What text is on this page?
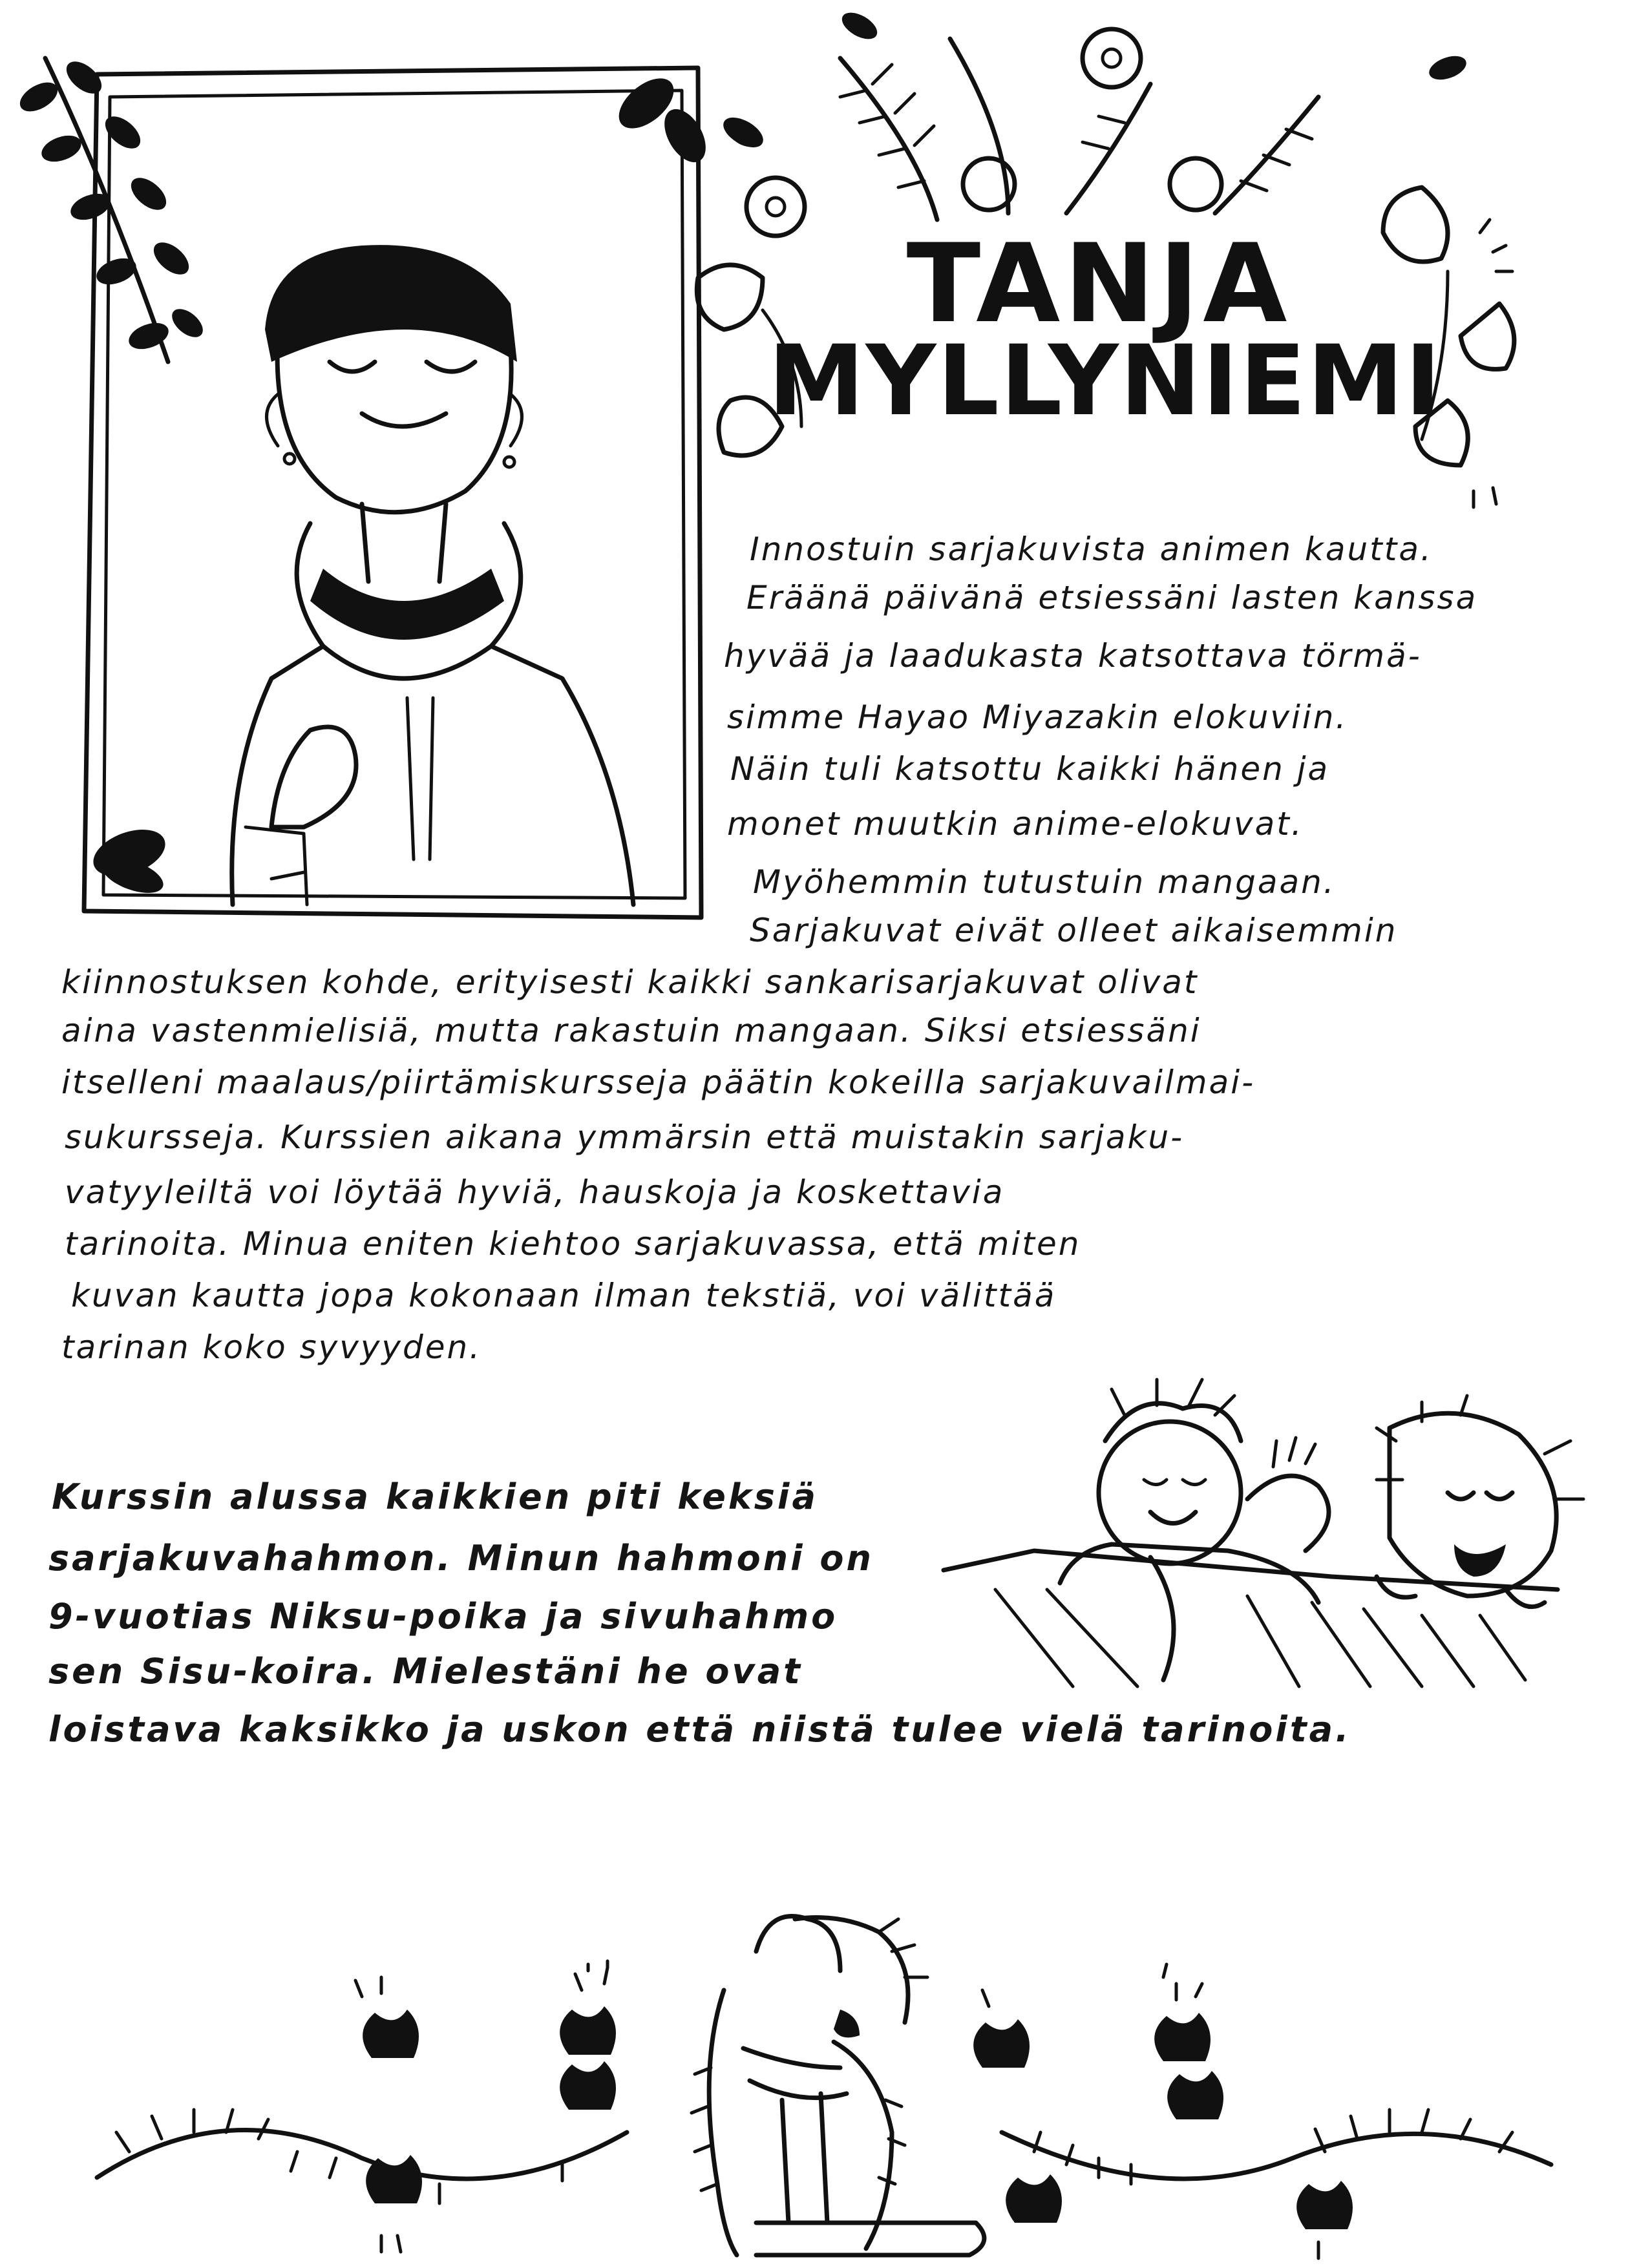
TANJA
MYLLYNIEMI
Innostuin sarjakuvista animen kautta.
Eräänä päivänä etsiessäni lasten kanssa
hyvää ja laadukasta katsottava törmä-
simme Hayao Miyazakin elokuviin.
Näin tuli katsottu kaikki hänen ja
monet muutkin anime-elokuvat.
Myöhemmin tutustuin mangaan.
Sarjakuvat eivät olleet aikaisemmin
kiinnostuksen kohde, erityisesti kaikki sankarisarjakuvat olivat
aina vastenmielisiä, mutta rakastuin mangaan. Siksi etsiessäni
itselleni maalaus/piirtämiskursseja päätin kokeilla sarjakuvailmai-
sukursseja. Kurssien aikana ymmärsin että muistakin sarjaku-
vatyyleiltä voi löytää hyviä, hauskoja ja koskettavia
tarinoita. Minua eniten kiehtoo sarjakuvassa, että miten
kuvan kautta jopa kokonaan ilman tekstiä, voi välittää
tarinan koko syvyyden.
Kurssin alussa kaikkien piti keksiä
sarjakuvahahmon. Minun hahmoni on
9-vuotias Niksu-poika ja sivuhahmo
sen Sisu-koira. Mielestäni he ovat
loistava kaksikko ja uskon että niistä tulee vielä tarinoita.
